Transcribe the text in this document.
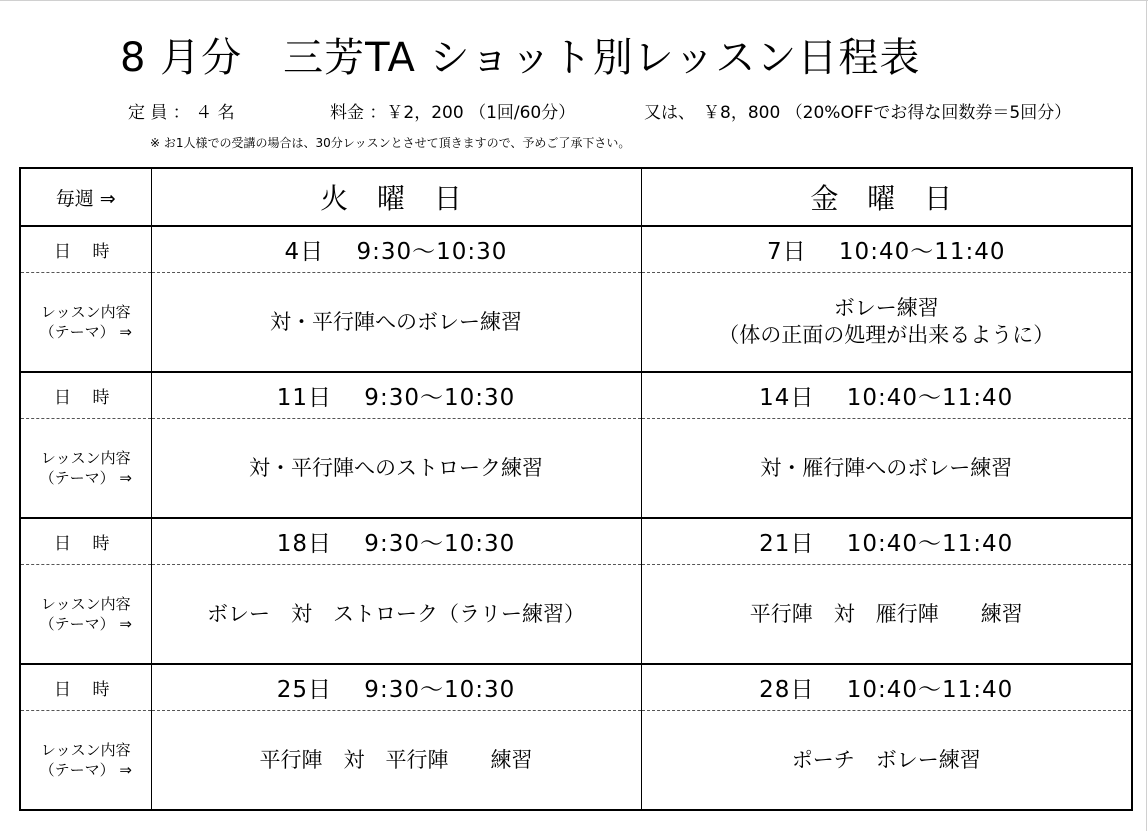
8 月分　三芳TA ショット別レッスン日程表
定 員 ： ４ 名	料金 ：￥2，200 （1回/60分）	又は、 ￥8，800 （20%OFFでお得な回数券＝5回分）
※ お1人様での受講の場合は、30分レッスンとさせて頂きますので、予めご了承下さい。
毎週 ⇒	火 曜 日	金 曜 日
日 時	4日　 9:30～10:30	7日　 10:40～11:40
レッスン内容
（テーマ） ⇒	対・平行陣へのボレー練習	ボレー練習
（体の正面の処理が出来るように）
日 時	11日　 9:30～10:30	14日　 10:40～11:40
レッスン内容
（テーマ） ⇒	対・平行陣へのストローク練習	対・雁行陣へのボレー練習
日 時	18日　 9:30～10:30	21日　 10:40～11:40
レッスン内容
（テーマ） ⇒	ボレー　対　ストローク（ラリー練習）	平行陣　対　雁行陣　　練習
日 時	25日　 9:30～10:30	28日　 10:40～11:40
レッスン内容
（テーマ） ⇒	平行陣　対　平行陣　　練習	ポーチ　ボレー練習
